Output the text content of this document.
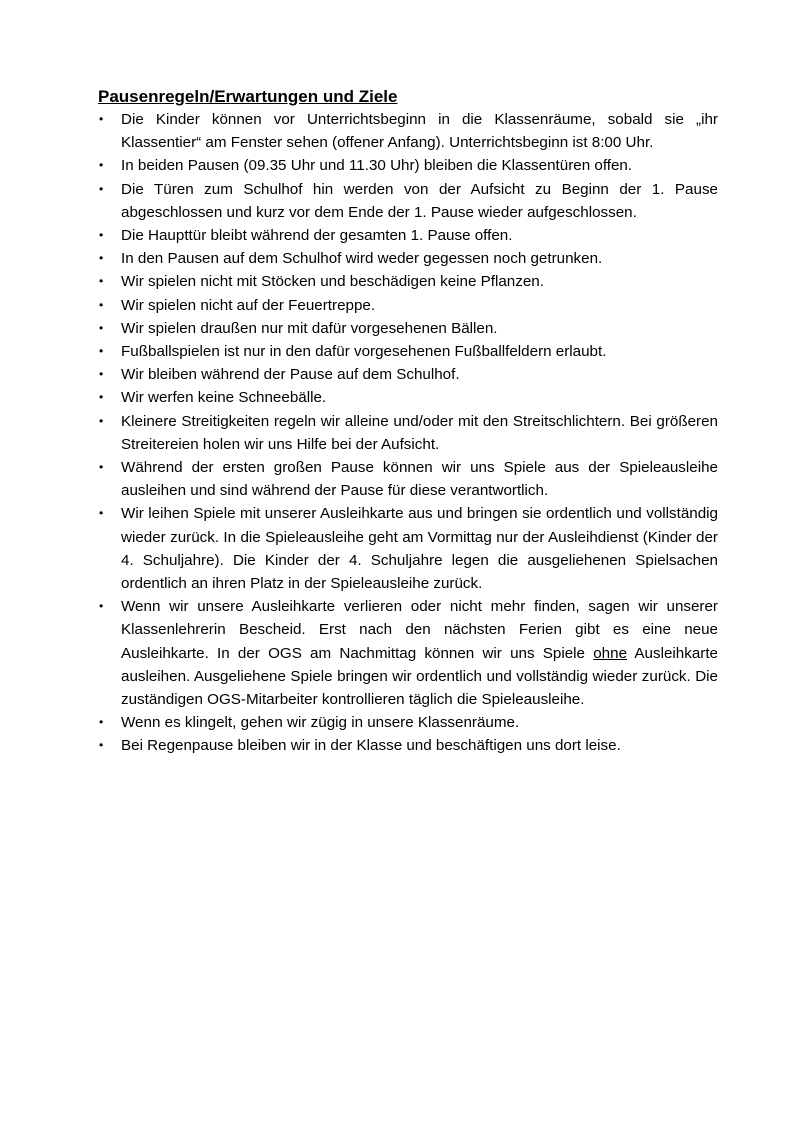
Pausenregeln/Erwartungen und Ziele
•	Die Kinder können vor Unterrichtsbeginn in die Klassenräume, sobald sie „ihr Klassentier“ am Fenster sehen (offener Anfang). Unterrichtsbeginn ist 8:00 Uhr.
•	In beiden Pausen (09.35 Uhr und 11.30 Uhr) bleiben die Klassentüren offen.
•	Die Türen zum Schulhof hin werden von der Aufsicht zu Beginn der 1. Pause abgeschlossen und kurz vor dem Ende der 1. Pause wieder aufgeschlossen.
•	Die Haupttür bleibt während der gesamten 1. Pause offen.
•	In den Pausen auf dem Schulhof wird weder gegessen noch getrunken.
•	Wir spielen nicht mit Stöcken und beschädigen keine Pflanzen.
•	Wir spielen nicht auf der Feuertreppe.
•	Wir spielen draußen nur mit dafür vorgesehenen Bällen.
•	Fußballspielen ist nur in den dafür vorgesehenen Fußballfeldern erlaubt.
•	Wir bleiben während der Pause auf dem Schulhof.
•	Wir werfen keine Schneebälle.
•	Kleinere Streitigkeiten regeln wir alleine und/oder mit den Streitschlichtern. Bei größeren Streitereien holen wir uns Hilfe bei der Aufsicht.
•	Während der ersten großen Pause können wir uns Spiele aus der Spieleausleihe ausleihen und sind während der Pause für diese verantwortlich.
•	Wir leihen Spiele mit unserer Ausleihkarte aus und bringen sie ordentlich und vollständig wieder zurück. In die Spieleausleihe geht am Vormittag nur der Ausleihdienst (Kinder der 4. Schuljahre). Die Kinder der 4. Schuljahre legen die ausgeliehenen Spielsachen ordentlich an ihren Platz in der Spieleausleihe zurück.
•	Wenn wir unsere Ausleihkarte verlieren oder nicht mehr finden, sagen wir unserer Klassenlehrerin Bescheid. Erst nach den nächsten Ferien gibt es eine neue Ausleihkarte. In der OGS am Nachmittag können wir uns Spiele ohne Ausleihkarte ausleihen. Ausgeliehene Spiele bringen wir ordentlich und vollständig wieder zurück. Die zuständigen OGS-Mitarbeiter kontrollieren täglich die Spieleausleihe.
•	Wenn es klingelt, gehen wir zügig in unsere Klassenräume.
•	Bei Regenpause bleiben wir in der Klasse und beschäftigen uns dort leise.
